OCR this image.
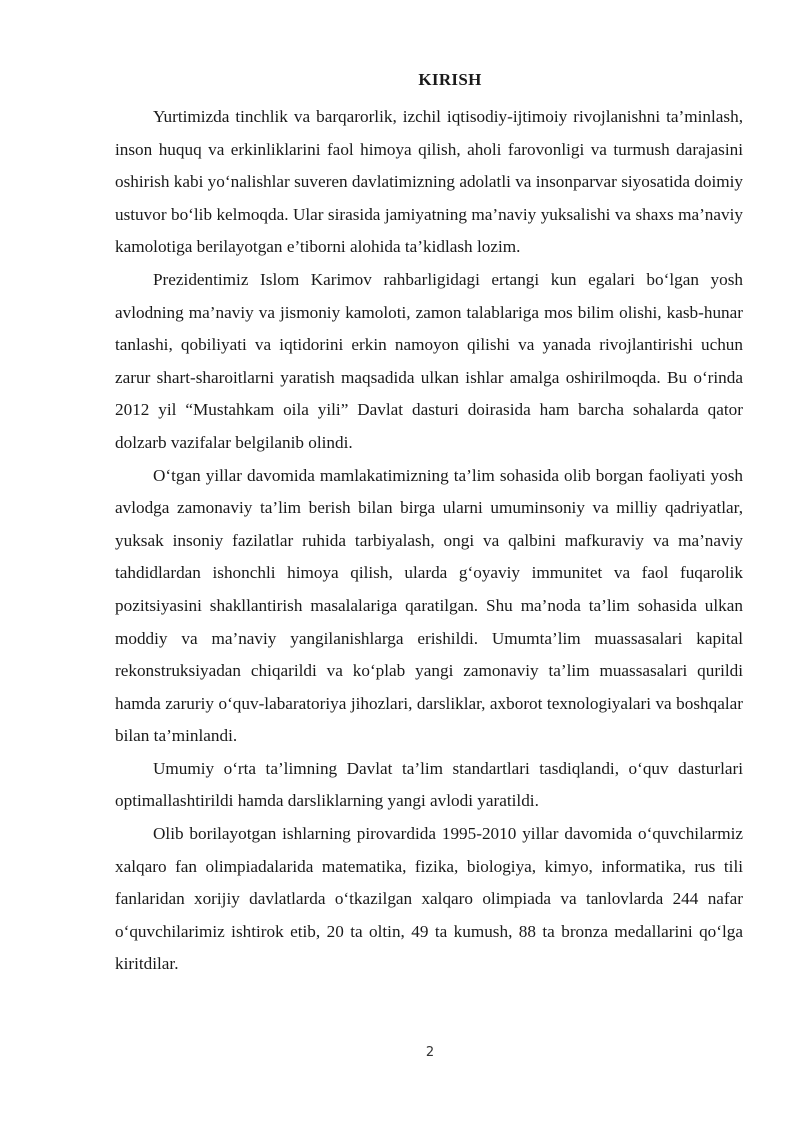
KIRISH

Yurtimizda tinchlik va barqarorlik, izchil iqtisodiy-ijtimoiy rivojlanishni ta’minlash, inson huquq va erkinliklarini faol himoya qilish, aholi farovonligi va turmush darajasini oshirish kabi yo‘nalishlar suveren davlatimizning adolatli va insonparvar siyosatida doimiy ustuvor bo‘lib kelmoqda. Ular sirasida jamiyatning ma’naviy yuksalishi va shaxs ma’naviy kamolotiga berilayotgan e’tiborni alohida ta’kidlash lozim.

Prezidentimiz Islom Karimov rahbarligidagi ertangi kun egalari bo‘lgan yosh avlodning ma’naviy va jismoniy kamoloti, zamon talablariga mos bilim olishi, kasb-hunar tanlashi, qobiliyati va iqtidorini erkin namoyon qilishi va yanada rivojlantirishi uchun zarur shart-sharoitlarni yaratish maqsadida ulkan ishlar amalga oshirilmoqda. Bu o‘rinda 2012 yil “Mustahkam oila yili” Davlat dasturi doirasida ham barcha sohalarda qator dolzarb vazifalar belgilanib olindi.

O‘tgan yillar davomida mamlakatimizning ta’lim sohasida olib borgan faoliyati yosh avlodga zamonaviy ta’lim berish bilan birga ularni umuminsoniy va milliy qadriyatlar, yuksak insoniy fazilatlar ruhida tarbiyalash, ongi va qalbini mafkuraviy va ma’naviy tahdidlardan ishonchli himoya qilish, ularda g‘oyaviy immunitet va faol fuqarolik pozitsiyasini shakllantirish masalalariga qaratilgan. Shu ma’noda ta’lim sohasida ulkan moddiy va ma’naviy yangilanishlarga erishildi. Umumta’lim muassasalari kapital rekonstruksiyadan chiqarildi va ko‘plab yangi zamonaviy ta’lim muassasalari qurildi hamda zaruriy o‘quv-labaratoriya jihozlari, darsliklar, axborot texnologiyalari va boshqalar bilan ta’minlandi.

Umumiy o‘rta ta’limning Davlat ta’lim standartlari tasdiqlandi, o‘quv dasturlari optimallashtirildi hamda darsliklarning yangi avlodi yaratildi.

Olib borilayotgan ishlarning pirovardida 1995-2010 yillar davomida o‘quvchilarmiz xalqaro fan olimpiadalarida matematika, fizika, biologiya, kimyo, informatika, rus tili fanlaridan xorijiy davlatlarda o‘tkazilgan xalqaro olimpiada va tanlovlarda 244 nafar o‘quvchilarimiz ishtirok etib, 20 ta oltin, 49 ta kumush, 88 ta bronza medallarini qo‘lga kiritdilar.

2
